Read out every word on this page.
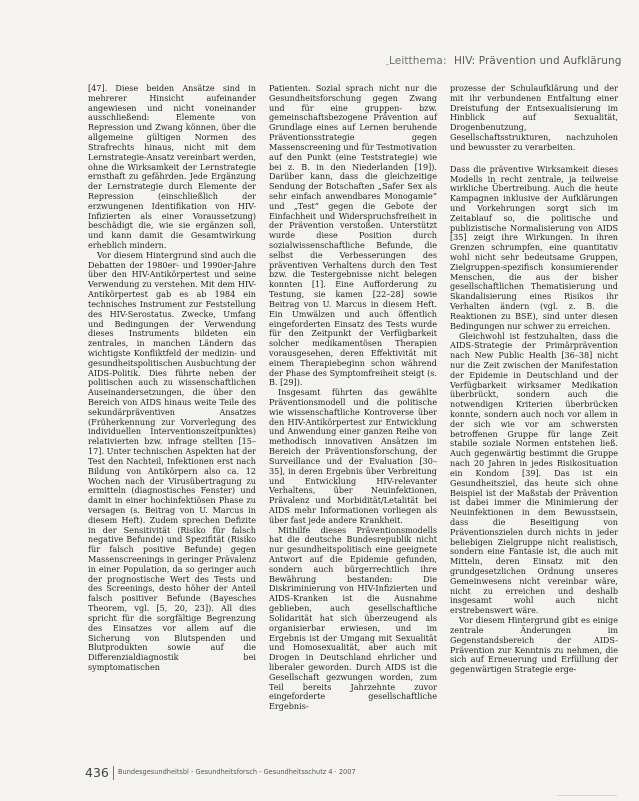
Leitthema: HIV: Prävention und Aufklärung

[47]. Diese beiden Ansätze sind in mehrerer Hinsicht aufeinander angewiesen und nicht voneinander ausschließend: Elemente von Repression und Zwang können, über die allgemeine gültigen Normen des Strafrechts hinaus, nicht mit dem Lernstrategie-Ansatz vereinbart werden, ohne die Wirksamkeit der Lernstrategie ernsthaft zu gefährden. Jede Ergänzung der Lernstrategie durch Elemente der Repression (einschließlich der erzwungenen Identifikation von HIV-Infizierten als einer Voraussetzung) beschädigt die, wie sie ergänzen soll, und kann damit die Gesamtwirkung erheblich mindern.

Vor diesem Hintergrund sind auch die Debatten der 1980er- und 1990er-Jahre über den HIV-Antikörpertest und seine Verwendung zu verstehen. Mit dem HIV-Antikörpertest gab es ab 1984 ein technisches Instrument zur Feststellung des HIV-Serostatus. Zwecke, Umfang und Bedingungen der Verwendung dieses Instruments bildeten ein zentrales, in manchen Ländern das wichtigste Konfliktfeld der medizin- und gesundheitspolitischen Ausbuchtung der AIDS-Politik. Dies führte neben der politischen auch zu wissenschaftlichen Auseinandersetzungen, die über den Bereich von AIDS hinaus weite Teile des sekundärpräventiven Ansatzes (Früherkennung zur Vorverlegung des individuellen Interventionszeitpunktes) relativierten bzw. infrage stellten [15–17]. Unter technischen Aspekten hat der Test den Nachteil, Infektionen erst nach Bildung von Antikörpern also ca. 12 Wochen nach der Virusübertragung zu ermitteln (diagnostisches Fenster) und damit in einer hochinfektiösen Phase zu versagen (s. Beitrag von U. Marcus in diesem Heft). Zudem sprechen Defizite in der Sensitivität (Risiko für falsch negative Befunde) und Spezifität (Risiko für falsch positive Befunde) gegen Massenscreenings in geringer Prävalenz in einer Population, da so geringer auch der prognostische Wert des Tests und des Screenings, desto höher der Anteil falsch positiver Befunde (Bayesches Theorem, vgl. [5, 20, 23]). All dies spricht für die sorgfältige Begrenzung des Einsatzes vor allem auf die Sicherung von Blutspenden und Blutprodukten sowie auf die Differenzialdiagnostik bei symptomatischen

Patienten. Sozial sprach nicht nur die Gesundheitsforschung gegen Zwang und für eine gruppen- bzw. gemeinschaftsbezogene Prävention auf Grundlage eines auf Lernen beruhende Präventionsstrategie gegen Massenscreening und für Testmotivation auf den Punkt (eine Teststrategie) wie bei z. B. in den Niederlanden [19]). Darüber kann, dass die gleichzeitige Sendung der Botschaften „Safer Sex als sehr einfach anwendbares Monogamie“ und „Test“ gegen die Gebote der Einfachheit und Widerspruchsfreiheit in der Prävention verstoßen. Unterstützt wurde diese Position durch sozialwissenschaftliche Befunde, die selbst die Verbesserungen des präventiven Verhaltens durch den Test bzw. die Testergebnisse nicht belegen konnten [1]. Eine Aufforderung zu Testung, sie kamen [22–28] sowie Beitrag von U. Marcus in diesem Heft. Ein Umwälzen und auch öffentlich eingeforderten Einsatz des Tests wurde für den Zeitpunkt der Verfügbarkeit solcher medikamentösen Therapien vorausgesehen, deren Effektivität mit einem Therapiebeginn schon während der Phase des Symptomfreiheit steigt (s. B. [29]).

Insgesamt führten das gewählte Präventionsmodell und die politische wie wissenschaftliche Kontroverse über den HIV-Antikörpertest zur Entwicklung und Anwendung einer ganzen Reihe von methodisch innovativen Ansätzen im Bereich der Präventionsforschung, der Surveillance und der Evaluation [30–35], in deren Ergebnis über Verbreitung und Entwicklung HIV-relevanter Verhaltens, über Neuinfektionen, Prävalenz und Morbidität/Letalität bei AIDS mehr Informationen vorliegen als über fast jede andere Krankheit.

Mithilfe dieses Präventionsmodells hat die deutsche Bundesrepublik nicht nur gesundheitspolitisch eine geeignete Antwort auf die Epidemie gefunden, sondern auch bürgerrechtlich ihre Bewährung bestanden: Die Diskriminierung von HIV-Infizierten und AIDS-Kranken ist die Ausnahme geblieben, auch gesellschaftliche Solidarität hat sich überzeugend als organisierbar erwiesen, und im Ergebnis ist der Umgang mit Sexualität und Homosexualität, aber auch mit Drogen in Deutschland ehrlicher und liberaler geworden. Durch AIDS ist die Gesellschaft gezwungen worden, zum Teil bereits Jahrzehnte zuvor eingeforderte gesellschaftliche Ergebnis-

prozesse der Schulaufklärung und der mit ihr verbundenen Entfaltung einer Dreistufung der Entsexualisierung im Hinblick auf Sexualität, Drogenbenutzung, Gesellschaftsstrukturen, nachzuholen und bewusster zu verarbeiten.

Dass die präventive Wirksamkeit dieses Modells in recht zentrale, ja teilweise wirkliche Übertreibung. Auch die heute Kampagnen inklusive der Aufklärungen und Vorkehrungen sorgt sich im Zeitablauf so, die politische und publizistische Normalisierung von AIDS [35] zeigt ihre Wirkungen. In ihren Grenzen schrumpfen, eine quantitativ wohl nicht sehr bedeutsame Gruppen, Zielgruppen-spezifisch konsumierender Menschen, die aus der bisher gesellschaftlichen Thematisierung und Skandalisierung eines Risikos ihr Verhalten ändern (vgl. z. B. die Reaktionen zu BSE), sind unter diesen Bedingungen nur schwer zu erreichen.

Gleichwohl ist festzuhalten, dass die AIDS-Strategie der Primärprävention nach New Public Health [36–38] nicht nur die Zeit zwischen der Manifestation der Epidemie in Deutschland und der Verfügbarkeit wirksamer Medikation überbrückt, sondern auch die notwendigen Kriterien überbrücken konnte, sondern auch noch vor allem in der sich wie vor am schwersten betroffenen Gruppe für lange Zeit stabile soziale Normen entstehen ließ. Auch gegenwärtig bestimmt die Gruppe nach 20 Jahren in jedes Risikosituation ein Kondom [39]. Das ist ein Gesundheitsziel, das heute sich ohne Beispiel ist der Maßstab der Prävention ist dabei immer die Minimierung der Neuinfektionen in dem Bewusstsein, dass die Beseitigung von Präventionszielen durch nichts in jeder beliebigen Zielgruppe nicht realistisch, sondern eine Fantasie ist, die auch mit Mitteln, deren Einsatz mit den grundgesetzlichen Ordnung unseres Gemeinwesens nicht vereinbar wäre, nicht zu erreichen und deshalb insgesamt wohl auch nicht erstrebenswert wäre.

Vor diesem Hintergrund gibt es einige zentrale Änderungen im Gegenstandsbereich der AIDS-Prävention zur Kenntnis zu nehmen, die sich auf Erneuerung und Erfüllung der gegenwärtigen Strategie erge-

436 Bundesgesundheitsbl - Gesundheitsforsch - Gesundheitsschutz 4 · 2007
